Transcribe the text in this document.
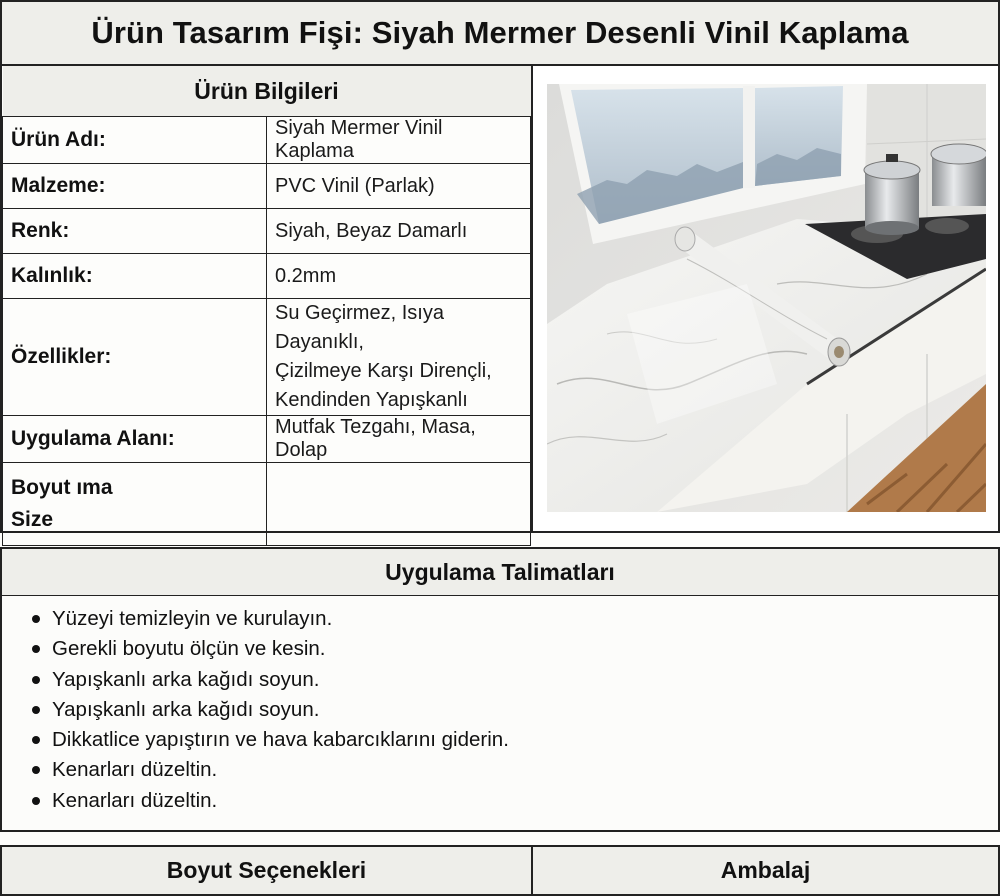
Ürün Tasarım Fişi: Siyah Mermer Desenli Vinil Kaplama
Ürün Bilgileri	
Ürün Adı:	Siyah Mermer Vinil Kaplama
Malzeme:	PVC Vinil (Parlak)
Renk:	Siyah, Beyaz Damarlı
Kalınlık:	0.2mm
Özellikler:	Su Geçirmez, Isıya Dayanıklı,
Çizilmeye Karşı Dirençli,
Kendinden Yapışkanlı

Uygulama Alanı:	Mutfak Tezgahı, Masa, Dolap

Boyut ıma
Size	

Uygulama Talimatları
Yüzeyi temizleyin ve kurulayın.
Gerekli boyutu ölçün ve kesin.
Yapışkanlı arka kağıdı soyun.
Yapışkanlı arka kağıdı soyun.
Dikkatlice yapıştırın ve hava kabarcıklarını giderin.
Kenarları düzeltin.
Kenarları düzeltin.
Boyut Seçenekleri	Ambalaj
